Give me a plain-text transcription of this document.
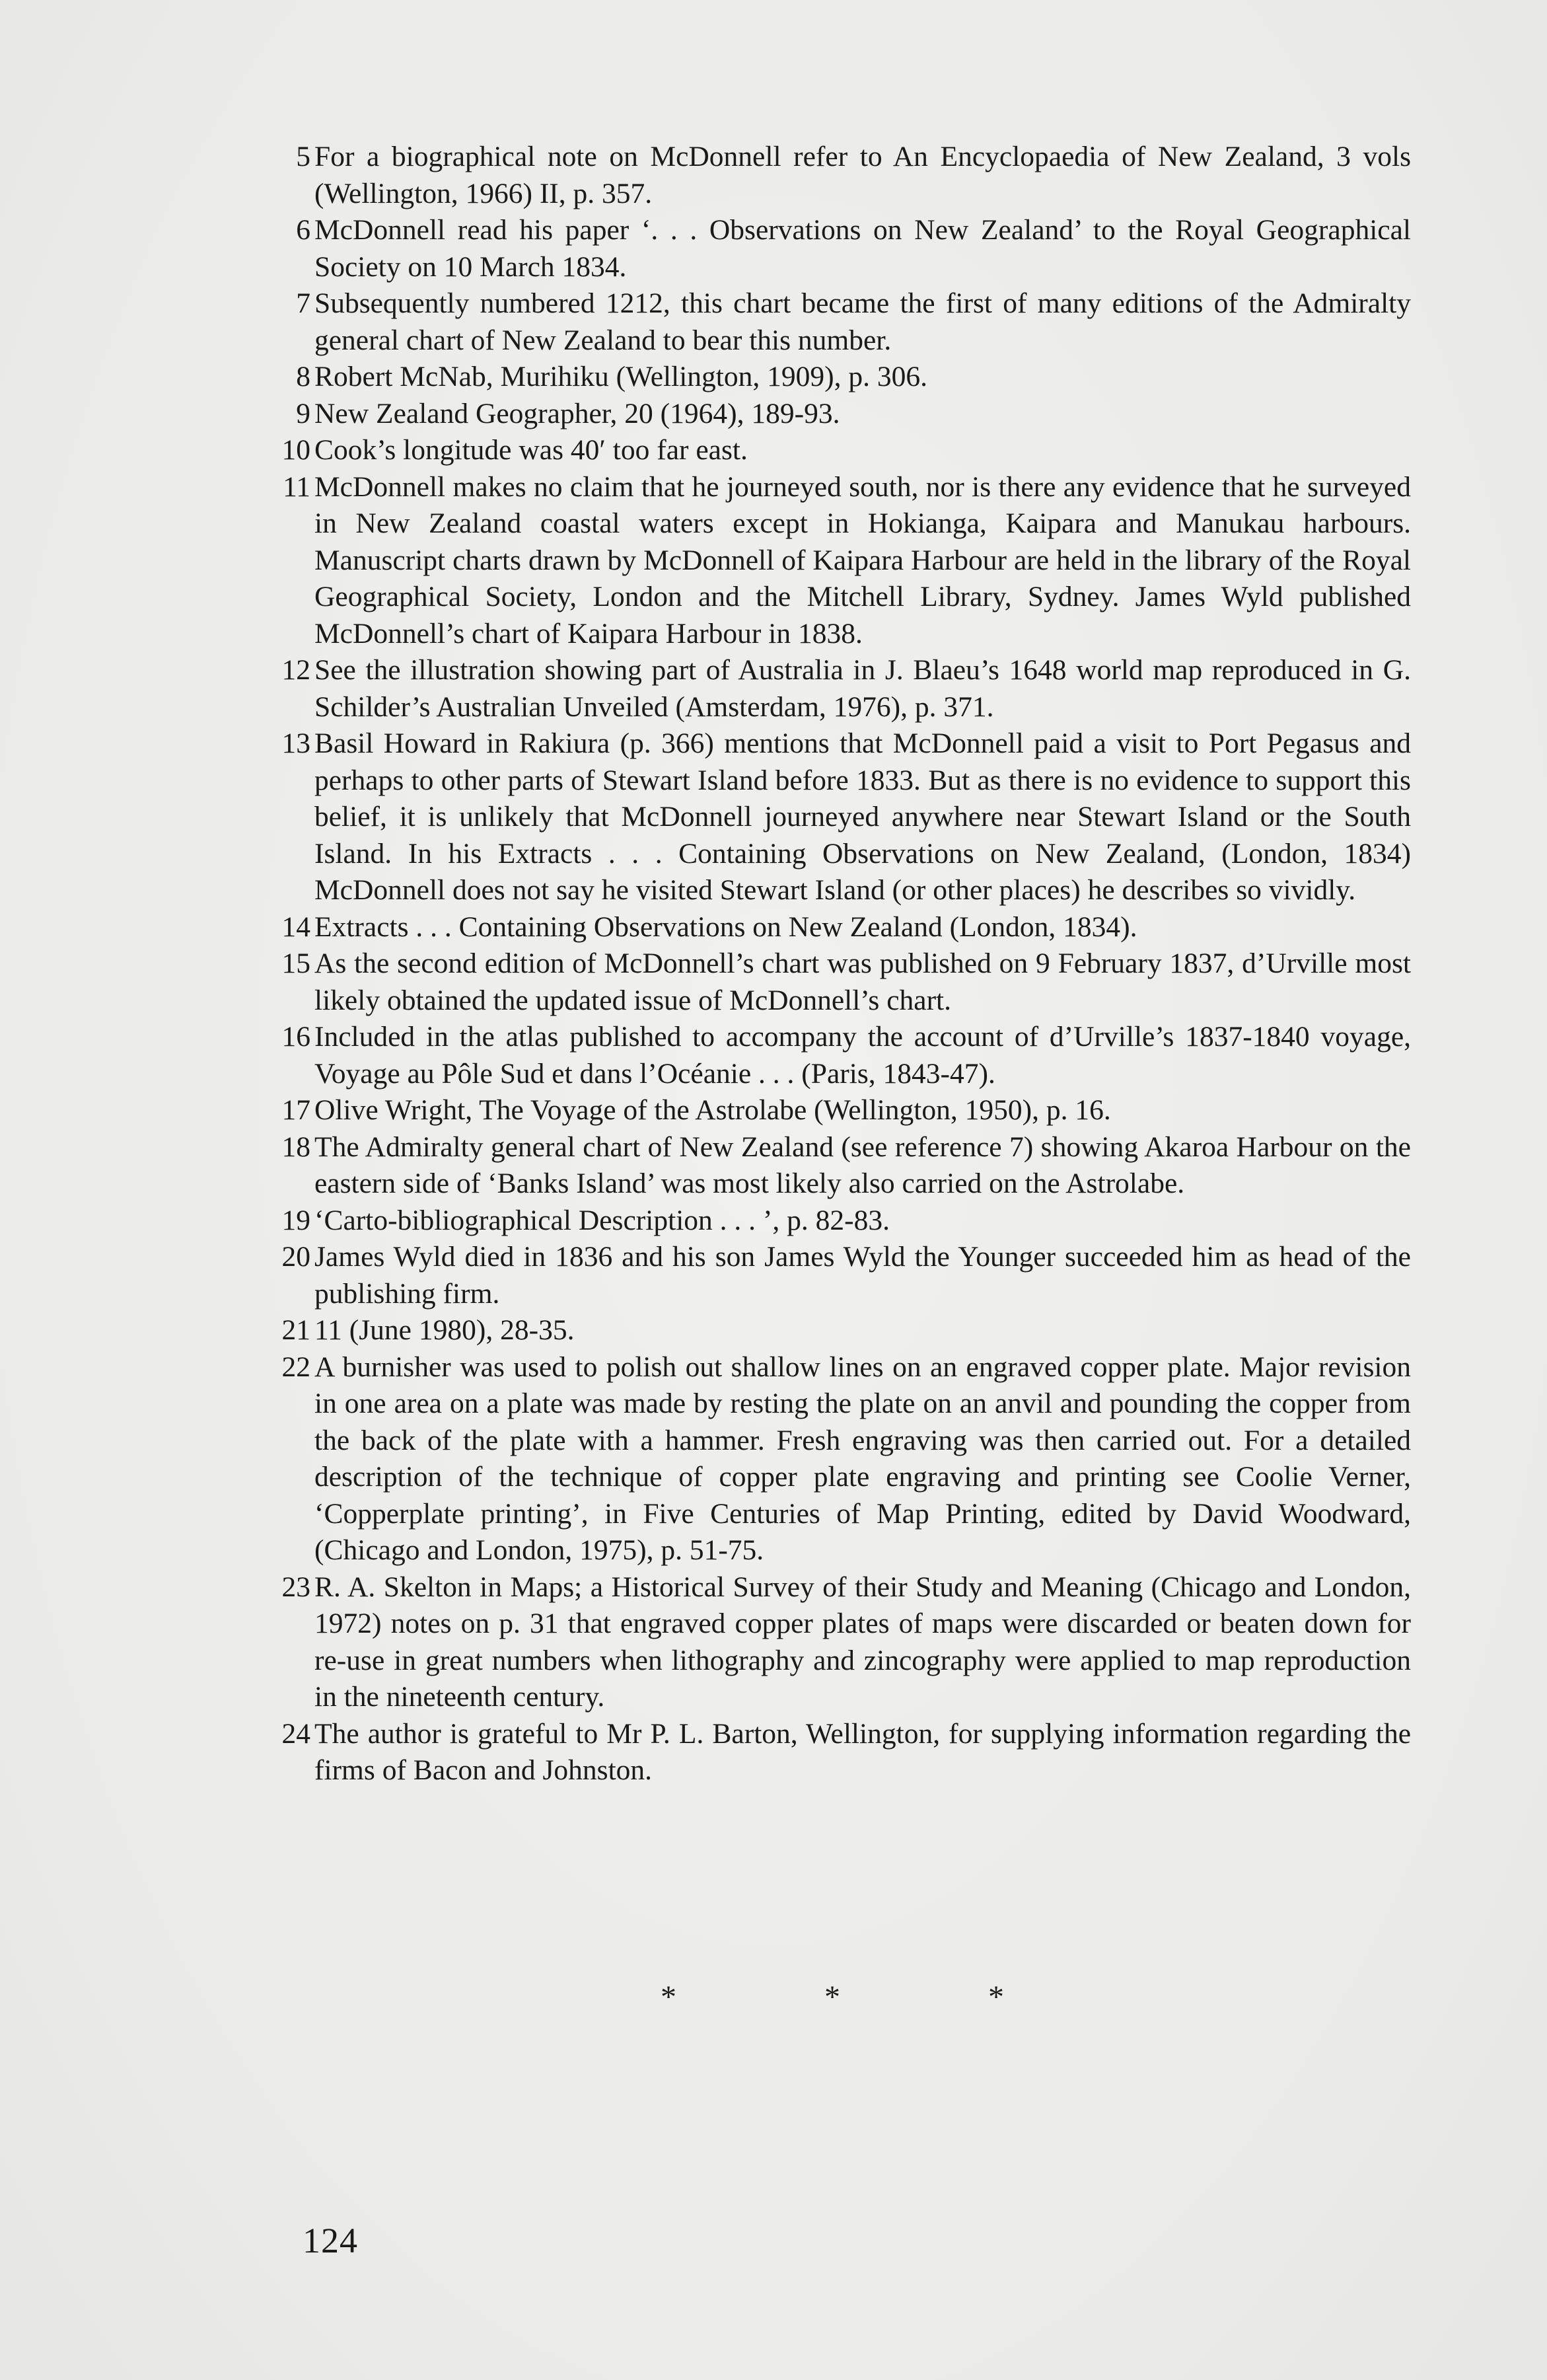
5 For a biographical note on McDonnell refer to An Encyclopaedia of New Zealand, 3 vols (Wellington, 1966) II, p. 357.
6 McDonnell read his paper ‘. . . Observations on New Zealand’ to the Royal Geographical Society on 10 March 1834.
7 Subsequently numbered 1212, this chart became the first of many editions of the Admiralty general chart of New Zealand to bear this number.
8 Robert McNab, Murihiku (Wellington, 1909), p. 306.
9 New Zealand Geographer, 20 (1964), 189-93.
10 Cook’s longitude was 40′ too far east.
11 McDonnell makes no claim that he journeyed south, nor is there any evidence that he surveyed in New Zealand coastal waters except in Hokianga, Kaipara and Manukau harbours. Manuscript charts drawn by McDonnell of Kaipara Harbour are held in the library of the Royal Geographical Society, London and the Mitchell Library, Sydney. James Wyld published McDonnell’s chart of Kaipara Harbour in 1838.
12 See the illustration showing part of Australia in J. Blaeu’s 1648 world map reproduced in G. Schilder’s Australian Unveiled (Amsterdam, 1976), p. 371.
13 Basil Howard in Rakiura (p. 366) mentions that McDonnell paid a visit to Port Pegasus and perhaps to other parts of Stewart Island before 1833. But as there is no evidence to support this belief, it is unlikely that McDonnell journeyed anywhere near Stewart Island or the South Island. In his Extracts . . . Containing Observations on New Zealand, (London, 1834) McDonnell does not say he visited Stewart Island (or other places) he describes so vividly.
14 Extracts . . . Containing Observations on New Zealand (London, 1834).
15 As the second edition of McDonnell’s chart was published on 9 February 1837, d’Urville most likely obtained the updated issue of McDonnell’s chart.
16 Included in the atlas published to accompany the account of d’Urville’s 1837-1840 voyage, Voyage au Pôle Sud et dans l’Océanie . . . (Paris, 1843-47).
17 Olive Wright, The Voyage of the Astrolabe (Wellington, 1950), p. 16.
18 The Admiralty general chart of New Zealand (see reference 7) showing Akaroa Harbour on the eastern side of ‘Banks Island’ was most likely also carried on the Astrolabe.
19 ‘Carto-bibliographical Description . . . ’, p. 82-83.
20 James Wyld died in 1836 and his son James Wyld the Younger succeeded him as head of the publishing firm.
21 11 (June 1980), 28-35.
22 A burnisher was used to polish out shallow lines on an engraved copper plate. Major revision in one area on a plate was made by resting the plate on an anvil and pounding the copper from the back of the plate with a hammer. Fresh engraving was then carried out. For a detailed description of the technique of copper plate engraving and printing see Coolie Verner, ‘Copperplate printing’, in Five Centuries of Map Printing, edited by David Woodward, (Chicago and London, 1975), p. 51-75.
23 R. A. Skelton in Maps; a Historical Survey of their Study and Meaning (Chicago and London, 1972) notes on p. 31 that engraved copper plates of maps were discarded or beaten down for re-use in great numbers when lithography and zincography were applied to map reproduction in the nineteenth century.
24 The author is grateful to Mr P. L. Barton, Wellington, for supplying information regarding the firms of Bacon and Johnston.
*	*	*
124
